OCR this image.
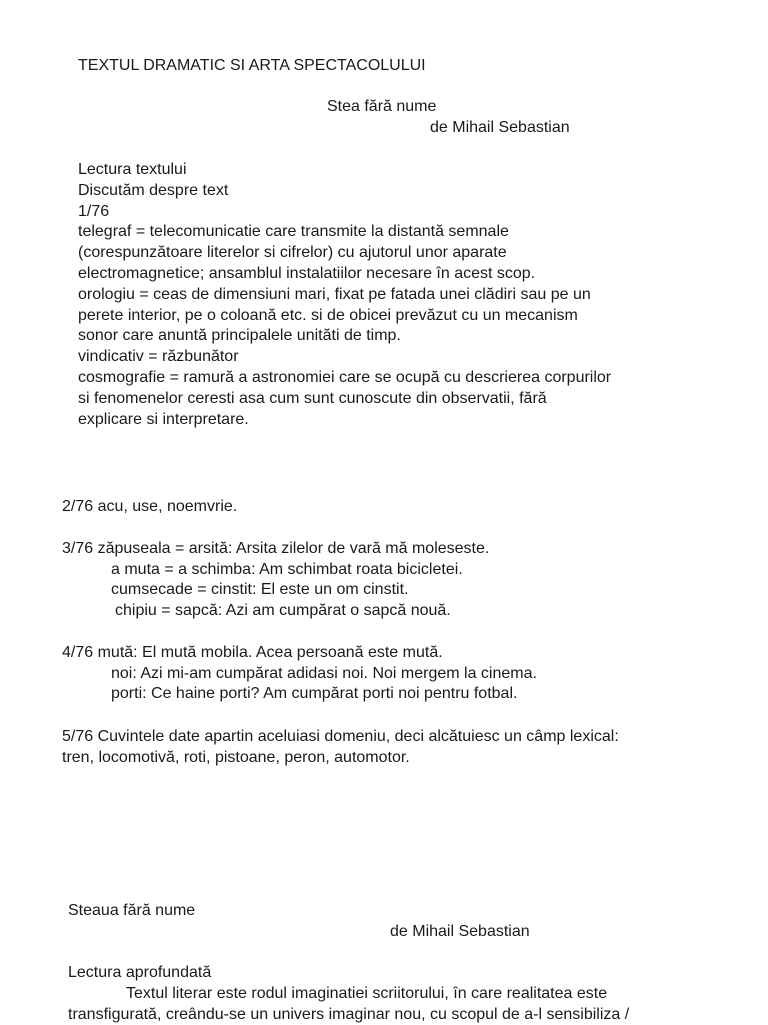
TEXTUL DRAMATIC SI ARTA SPECTACOLULUI
Stea fără nume
de Mihail Sebastian
Lectura textului
Discutăm despre text
1/76
telegraf = telecomunicatie care transmite la distantă semnale
(corespunzătoare literelor si cifrelor) cu ajutorul unor aparate
electromagnetice; ansamblul instalatiilor necesare în acest scop.
orologiu = ceas de dimensiuni mari, fixat pe fatada unei clădiri sau pe un
perete interior, pe o coloană etc. si de obicei prevăzut cu un mecanism
sonor care anuntă principalele unităti de timp.
vindicativ = răzbunător
cosmografie = ramură a astronomiei care se ocupă cu descrierea corpurilor
si fenomenelor ceresti asa cum sunt cunoscute din observatii, fără
explicare si interpretare.
2/76 acu, use, noemvrie.
3/76 zăpuseala = arsită: Arsita zilelor de vară mă moleseste.
a muta = a schimba: Am schimbat roata bicicletei.
cumsecade = cinstit: El este un om cinstit.
chipiu = sapcă: Azi am cumpărat o sapcă nouă.
4/76 mută: El mută mobila. Acea persoană este mută.
noi: Azi mi-am cumpărat adidasi noi. Noi mergem la cinema.
porti: Ce haine porti? Am cumpărat porti noi pentru fotbal.
5/76 Cuvintele date apartin aceluiasi domeniu, deci alcătuiesc un câmp lexical:
tren, locomotivă, roti, pistoane, peron, automotor.
Steaua fără nume
de Mihail Sebastian
Lectura aprofundată
Textul literar este rodul imaginatiei scriitorului, în care realitatea este
transfigurată, creându-se un univers imaginar nou, cu scopul de a-l sensibiliza /
